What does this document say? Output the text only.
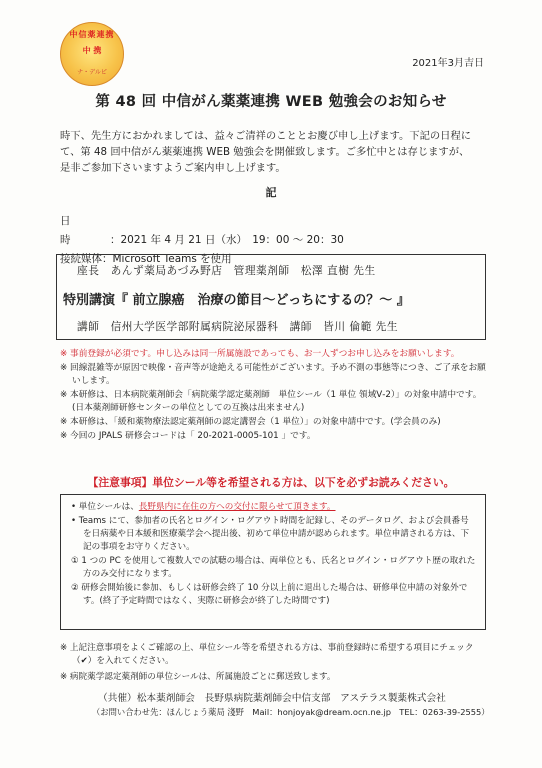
中信薬連携
中 携
ナ・デルピ
2021年3月吉日
第 48 回 中信がん薬薬連携 WEB 勉強会のお知らせ

時下、先生方におかれましては、益々ご清祥のこととお慶び申し上げます。下記の日程に

て、第 48 回中信がん薬薬連携 WEB 勉強会を開催致します。ご多忙中とは存じますが、

是非ご参加下さいますようご案内申し上げます。

記
日　時	：2021 年 4 月 21 日（水）　19：00 ～ 20：30
接続媒体：Microsoft Teams を使用
座長　あんず薬局あづみ野店　管理薬剤師　松澤 直樹 先生
特別講演『 前立腺癌　治療の節目～どっちにするの？～ 』
講師　信州大学医学部附属病院泌尿器科　講師　皆川 倫範 先生
※ 事前登録が必須です。申し込みは同一所属施設であっても、お一人ずつお申し込みをお願いします。
※ 回線混雑等が原因で映像・音声等が途絶える可能性がございます。予め不測の事態等につき、ご了承をお願いします。
※ 本研修は、日本病院薬剤師会「病院薬学認定薬剤師　単位シール（1 単位 領域Ⅴ-2）」の対象申請中です。(日本薬剤師研修センターの単位としての互換は出来ません)
※ 本研修は、「緩和薬物療法認定薬剤師の認定講習会（1 単位）」の対象申請中です。(学会員のみ)
※ 今回の JPALS 研修会コードは「 20-2021-0005-101 」です。
【注意事項】単位シール等を希望される方は、以下を必ずお読みください。
• 単位シールは、長野県内に在住の方への交付に限らせて頂きます。
• Teams にて、参加者の氏名とログイン・ログアウト時間を記録し、そのデータログ、および会員番号を日病薬や日本緩和医療薬学会へ提出後、初めて単位申請が認められます。単位申請される方は、下記の事項をお守りください。
① 1 つの PC を使用して複数人での試聴の場合は、両単位とも、氏名とログイン・ログアウト歴の取れた方のみ交付になります。
② 研修会開始後に参加、もしくは研修会終了 10 分以上前に退出した場合は、研修単位申請の対象外です。(終了予定時間ではなく、実際に研修会が終了した時間です)
※ 上記注意事項をよくご確認の上、単位シール等を希望される方は、事前登録時に希望する項目にチェック（✔）を入れてください。
※ 病院薬学認定薬剤師の単位シールは、所属施設ごとに郵送致します。
（共催）松本薬剤師会　長野県病院薬剤師会中信支部　アステラス製薬株式会社
（お問い合わせ先：ほんじょう薬局 淺野　Mail：honjoyak@dream.ocn.ne.jp　TEL：0263-39-2555）
